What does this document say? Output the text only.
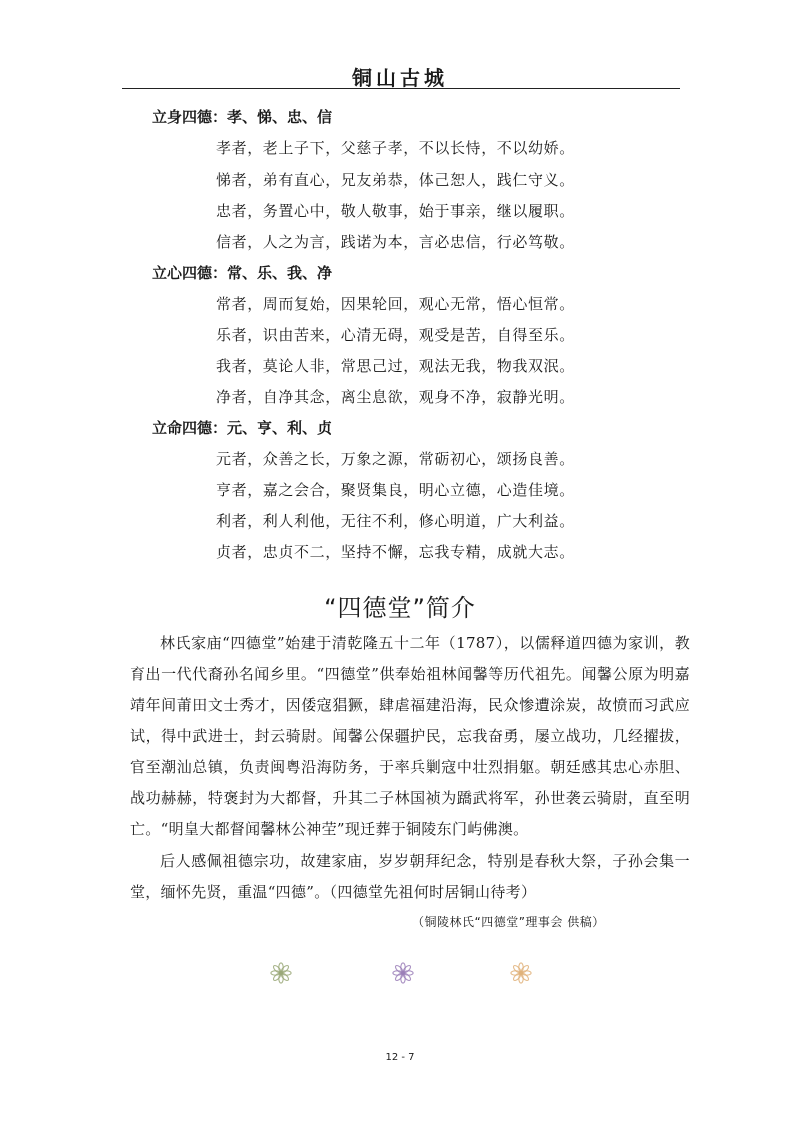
铜山古城
立身四德：孝、悌、忠、信
孝者，老上子下，父慈子孝，不以长恃，不以幼娇。
悌者，弟有直心，兄友弟恭，体己恕人，践仁守义。
忠者，务置心中，敬人敬事，始于事亲，继以履职。
信者，人之为言，践诺为本，言必忠信，行必笃敬。
立心四德：常、乐、我、净
常者，周而复始，因果轮回，观心无常，悟心恒常。
乐者，识由苦来，心清无碍，观受是苦，自得至乐。
我者，莫论人非，常思己过，观法无我，物我双泯。
净者，自净其念，离尘息欲，观身不净，寂静光明。
立命四德：元、亨、利、贞
元者，众善之长，万象之源，常砺初心，颂扬良善。
亨者，嘉之会合，聚贤集良，明心立德，心造佳境。
利者，利人利他，无往不利，修心明道，广大利益。
贞者，忠贞不二，坚持不懈，忘我专精，成就大志。
“四德堂”简介

林氏家庙“四德堂”始建于清乾隆五十二年（1787），以儒释道四德为家训，教育出一代代裔孙名闻乡里。“四德堂”供奉始祖林闻馨等历代祖先。闻馨公原为明嘉靖年间莆田文士秀才，因倭寇猖獗，肆虐福建沿海，民众惨遭涂炭，故愤而习武应试，得中武进士，封云骑尉。闻馨公保疆护民，忘我奋勇，屡立战功，几经擢拔，官至潮汕总镇，负责闽粤沿海防务，于率兵剿寇中壮烈捐躯。朝廷感其忠心赤胆、战功赫赫，特褒封为大都督，升其二子林国祯为蹻武将军，孙世袭云骑尉，直至明亡。“明皇大都督闻馨林公神茔”现迁葬于铜陵东门屿佛澳。

后人感佩祖德宗功，故建家庙，岁岁朝拜纪念，特别是春秋大祭，子孙会集一堂，缅怀先贤，重温“四德”。（四德堂先祖何时居铜山待考）

（铜陵林氏“四德堂”理事会 供稿）
12 - 7
